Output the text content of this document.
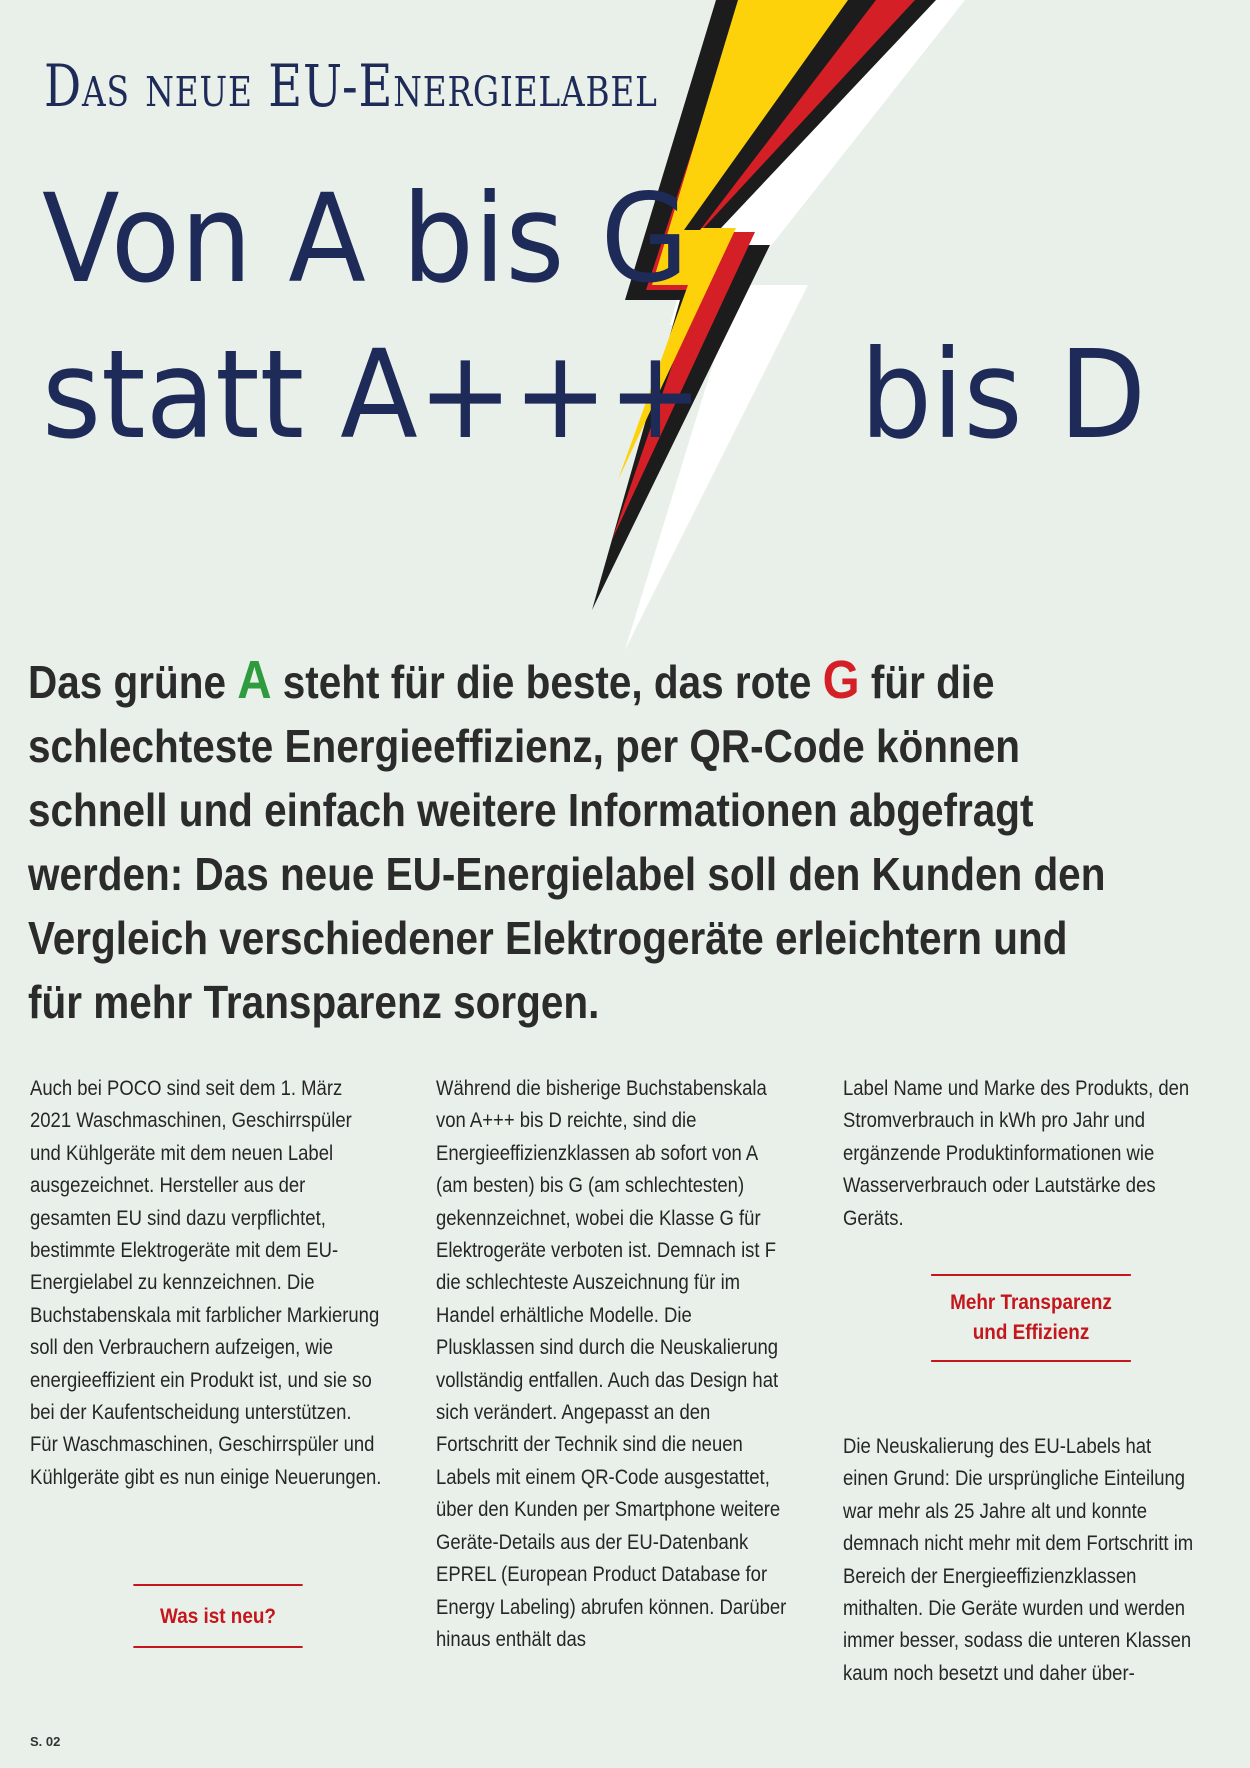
Das neue EU-Energielabel
Von A bis G
statt A+++ bis D
Das grüne A steht für die beste, das rote G für die
schlechteste Energieeffizienz, per QR-Code können
schnell und einfach weitere Informationen abgefragt
werden: Das neue EU-Energielabel soll den Kunden den
Vergleich verschiedener Elektrogeräte erleichtern und
für mehr Transparenz sorgen.

Auch bei POCO sind seit dem 1. März 2021 Waschmaschinen, Geschirrspüler und Kühlgeräte mit dem neuen Label ausgezeichnet. Hersteller aus der gesamten EU sind dazu verpflichtet, bestimmte Elektrogeräte mit dem EU-Energielabel zu kennzeichnen. Die Buchstabenskala mit farblicher Markierung soll den Verbrauchern aufzeigen, wie energieeffizient ein Produkt ist, und sie so bei der Kaufentscheidung unterstützen. Für Waschmaschinen, Geschirrspüler und Kühlgeräte gibt es nun einige Neuerungen.

Während die bisherige Buchstabenskala von A+++ bis D reichte, sind die Energieeffizienzklassen ab sofort von A (am besten) bis G (am schlechtesten) gekennzeichnet, wobei die Klasse G für Elektrogeräte verboten ist. Demnach ist F die schlechteste Auszeichnung für im Handel erhältliche Modelle. Die Plusklassen sind durch die Neuskalierung vollständig entfallen. Auch das Design hat sich verändert. Angepasst an den Fortschritt der Technik sind die neuen Labels mit einem QR-Code ausgestattet, über den Kunden per Smartphone weitere Geräte-Details aus der EU-Datenbank EPREL (European Product Database for Energy Labeling) abrufen können. Darüber hinaus enthält das

Label Name und Marke des Produkts, den Stromverbrauch in kWh pro Jahr und ergänzende Produktinformationen wie Wasserverbrauch oder Lautstärke des Geräts.

Die Neuskalierung des EU-Labels hat einen Grund: Die ursprüngliche Einteilung war mehr als 25 Jahre alt und konnte demnach nicht mehr mit dem Fortschritt im Bereich der Energieeffizienzklassen mithalten. Die Geräte wurden und werden immer besser, sodass die unteren Klassen kaum noch besetzt und daher über-

Was ist neu?
Mehr Transparenz
und Effizienz
S. 02
